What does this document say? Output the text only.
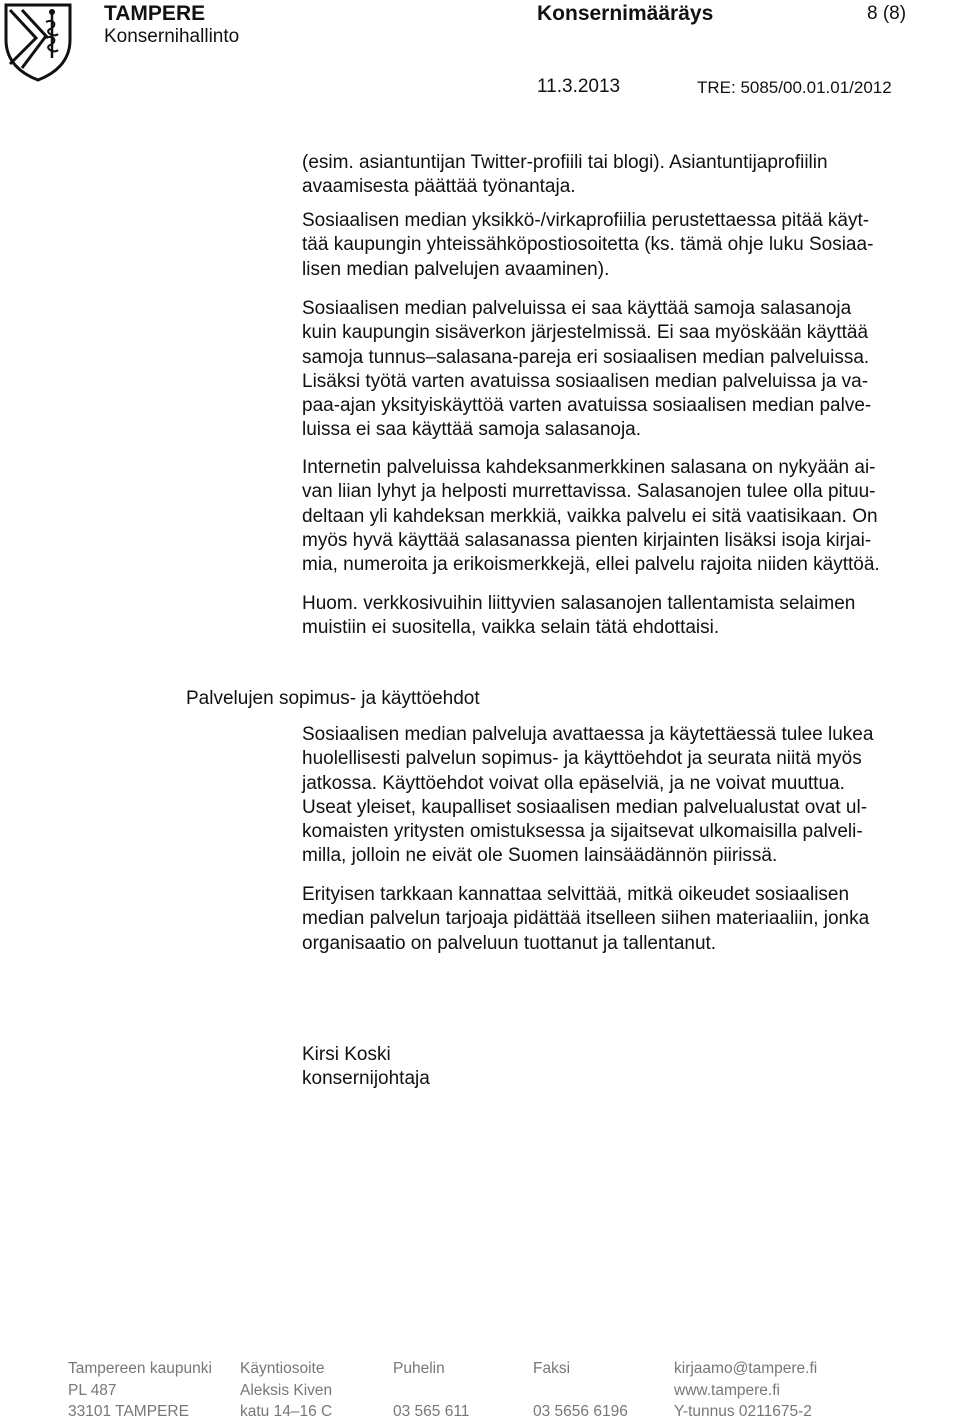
TAMPERE
Konsernihallinto
Konsernimääräys	8 (8)
11.3.2013	TRE: 5085/00.01.01/2012
(esim. asiantuntijan Twitter-profiili tai blogi). Asiantuntijaprofiilin
avaamisesta päättää työnantaja.
Sosiaalisen median yksikkö-/virkaprofiilia perustettaessa pitää käyt-
tää kaupungin yhteissähköpostiosoitetta (ks. tämä ohje luku Sosiaa-
lisen median palvelujen avaaminen).
Sosiaalisen median palveluissa ei saa käyttää samoja salasanoja
kuin kaupungin sisäverkon järjestelmissä. Ei saa myöskään käyttää
samoja tunnus–salasana-pareja eri sosiaalisen median palveluissa.
Lisäksi työtä varten avatuissa sosiaalisen median palveluissa ja va-
paa-ajan yksityiskäyttöä varten avatuissa sosiaalisen median palve-
luissa ei saa käyttää samoja salasanoja.
Internetin palveluissa kahdeksanmerkkinen salasana on nykyään ai-
van liian lyhyt ja helposti murrettavissa. Salasanojen tulee olla pituu-
deltaan yli kahdeksan merkkiä, vaikka palvelu ei sitä vaatisikaan. On
myös hyvä käyttää salasanassa pienten kirjainten lisäksi isoja kirjai-
mia, numeroita ja erikoismerkkejä, ellei palvelu rajoita niiden käyttöä.
Huom. verkkosivuihin liittyvien salasanojen tallentamista selaimen
muistiin ei suositella, vaikka selain tätä ehdottaisi.
Palvelujen sopimus- ja käyttöehdot
Sosiaalisen median palveluja avattaessa ja käytettäessä tulee lukea
huolellisesti palvelun sopimus- ja käyttöehdot ja seurata niitä myös
jatkossa. Käyttöehdot voivat olla epäselviä, ja ne voivat muuttua.
Useat yleiset, kaupalliset sosiaalisen median palvelualustat ovat ul-
komaisten yritysten omistuksessa ja sijaitsevat ulkomaisilla palveli-
milla, jolloin ne eivät ole Suomen lainsäädännön piirissä.
Erityisen tarkkaan kannattaa selvittää, mitkä oikeudet sosiaalisen
median palvelun tarjoaja pidättää itselleen siihen materiaaliin, jonka
organisaatio on palveluun tuottanut ja tallentanut.
Kirsi Koski
konsernijohtaja
Tampereen kaupunki
PL 487
33101 TAMPERE
Käyntiosoite
Aleksis Kiven
katu 14–16 C
Puhelin

03 565 611
Faksi

03 5656 6196
kirjaamo@tampere.fi
www.tampere.fi
Y-tunnus 0211675-2
